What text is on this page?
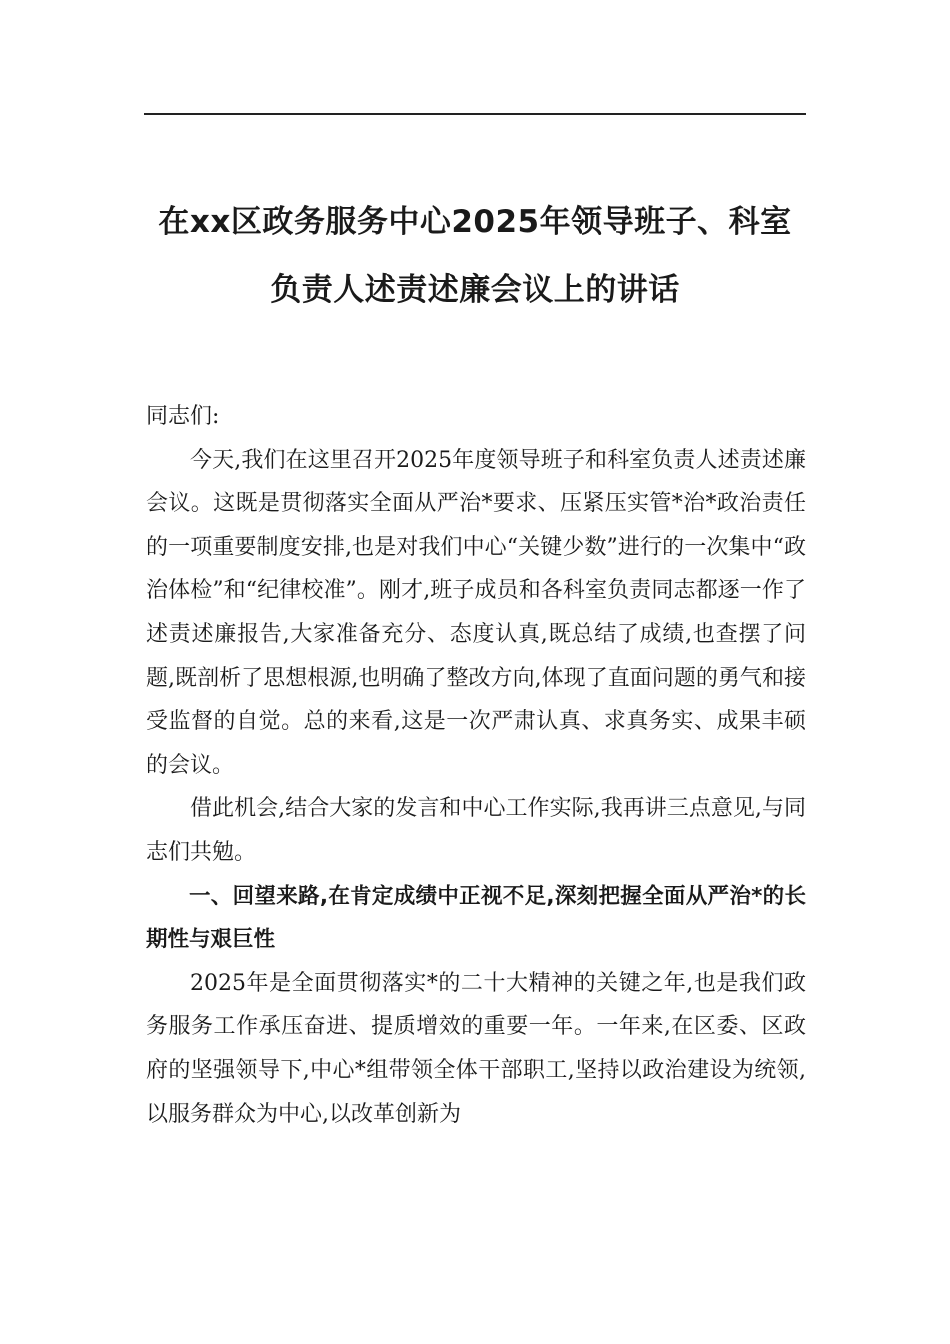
在xx区政务服务中心2025年领导班子、科室负责人述责述廉会议上的讲话

同志们:

今天,我们在这里召开2025年度领导班子和科室负责人述责述廉会议。这既是贯彻落实全面从严治*要求、压紧压实管*治*政治责任的一项重要制度安排,也是对我们中心“关键少数”进行的一次集中“政治体检”和“纪律校准”。刚才,班子成员和各科室负责同志都逐一作了述责述廉报告,大家准备充分、态度认真,既总结了成绩,也查摆了问题,既剖析了思想根源,也明确了整改方向,体现了直面问题的勇气和接受监督的自觉。总的来看,这是一次严肃认真、求真务实、成果丰硕的会议。

借此机会,结合大家的发言和中心工作实际,我再讲三点意见,与同志们共勉。

一、回望来路,在肯定成绩中正视不足,深刻把握全面从严治*的长期性与艰巨性

2025年是全面贯彻落实*的二十大精神的关键之年,也是我们政务服务工作承压奋进、提质增效的重要一年。一年来,在区委、区政府的坚强领导下,中心*组带领全体干部职工,坚持以政治建设为统领,以服务群众为中心,以改革创新为
